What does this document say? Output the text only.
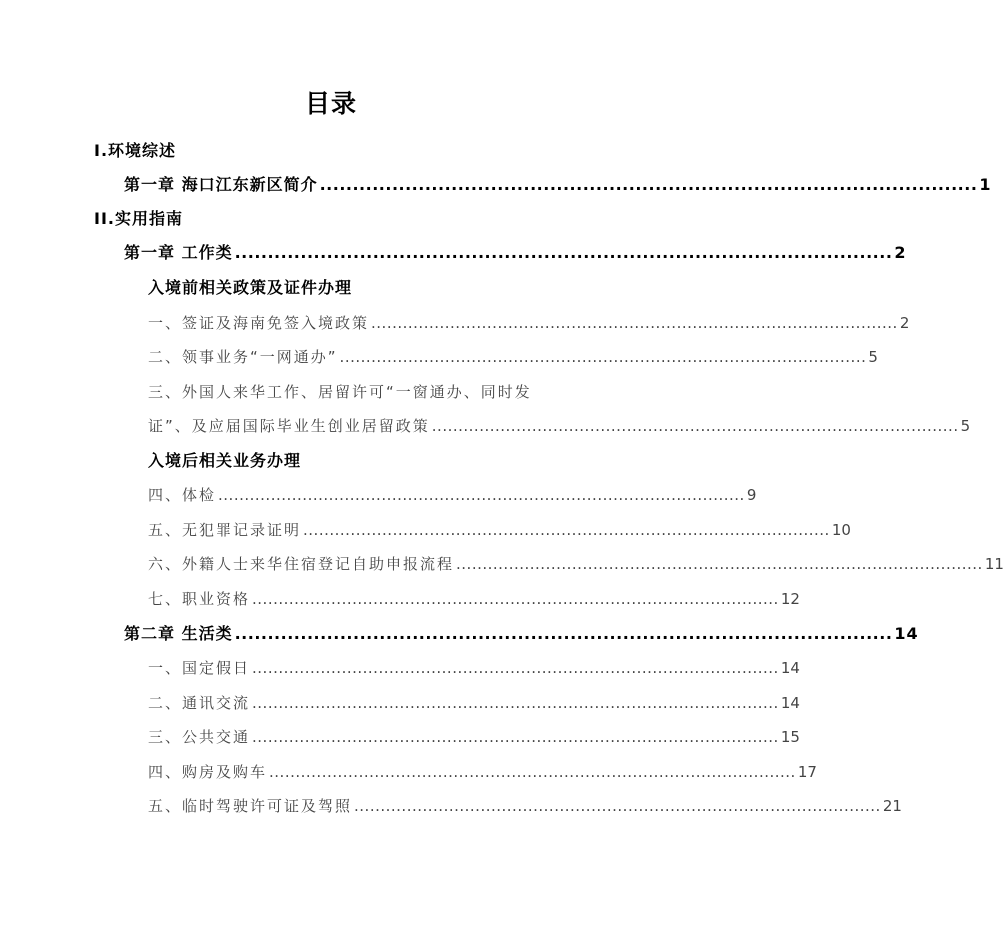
目录
I.环境综述
第一章 海口江东新区简介 .................................................................................................... 1
II.实用指南
第一章 工作类 .................................................................................................... 2
入境前相关政策及证件办理
一、签证及海南免签入境政策 .................................................................................................... 2
二、领事业务“一网通办” .................................................................................................... 5
三、外国人来华工作、居留许可“一窗通办、同时发
证”、及应届国际毕业生创业居留政策 .................................................................................................... 5
入境后相关业务办理
四、体检 .................................................................................................... 9
五、无犯罪记录证明 .................................................................................................... 10
六、外籍人士来华住宿登记自助申报流程 .................................................................................................... 11
七、职业资格 .................................................................................................... 12
第二章 生活类 .................................................................................................... 14
一、国定假日 .................................................................................................... 14
二、通讯交流 .................................................................................................... 14
三、公共交通 .................................................................................................... 15
四、购房及购车 .................................................................................................... 17
五、临时驾驶许可证及驾照 .................................................................................................... 21
